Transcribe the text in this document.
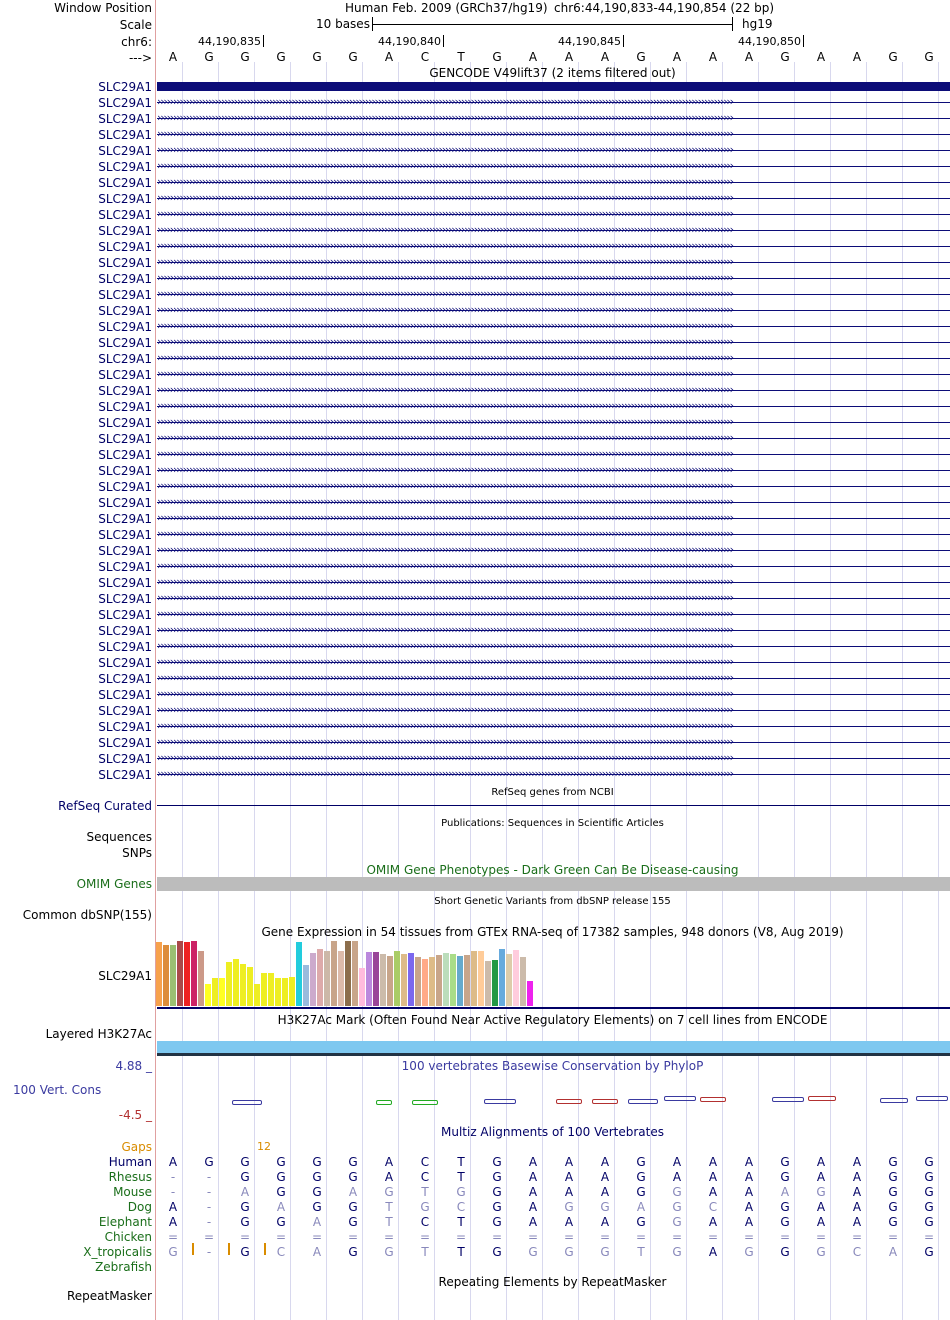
Window Position	Human Feb. 2009 (GRCh37/hg19) chr6:44,190,833-44,190,854 (22 bp)
Scale	10 bases	hg19
chr6:	44,190,835	44,190,840	44,190,845	44,190,850
---> A G G G G G A C T G A A A G A A A G A A G G
GENCODE V49lift37 (2 items filtered out)
SLC29A1
SLC29A1 ››››››››››››››››››››››››››››››››››››››››››››››››››››››››››››››››››››››››››››››››››››››››››››››››››››››››››››››››››››››››››››››››››››››››››››››››››››››››››››››››››››››››››››››››››››
SLC29A1 ››››››››››››››››››››››››››››››››››››››››››››››››››››››››››››››››››››››››››››››››››››››››››››››››››››››››››››››››››››››››››››››››››››››››››››››››››››››››››››››››››››››››››››››››››››
SLC29A1 ››››››››››››››››››››››››››››››››››››››››››››››››››››››››››››››››››››››››››››››››››››››››››››››››››››››››››››››››››››››››››››››››››››››››››››››››››››››››››››››››››››››››››››››››››››
SLC29A1 ››››››››››››››››››››››››››››››››››››››››››››››››››››››››››››››››››››››››››››››››››››››››››››››››››››››››››››››››››››››››››››››››››››››››››››››››››››››››››››››››››››››››››››››››››››
SLC29A1 ››››››››››››››››››››››››››››››››››››››››››››››››››››››››››››››››››››››››››››››››››››››››››››››››››››››››››››››››››››››››››››››››››››››››››››››››››››››››››››››››››››››››››››››››››››
SLC29A1 ››››››››››››››››››››››››››››››››››››››››››››››››››››››››››››››››››››››››››››››››››››››››››››››››››››››››››››››››››››››››››››››››››››››››››››››››››››››››››››››››››››››››››››››››››››
SLC29A1 ››››››››››››››››››››››››››››››››››››››››››››››››››››››››››››››››››››››››››››››››››››››››››››››››››››››››››››››››››››››››››››››››››››››››››››››››››››››››››››››››››››››››››››››››››››
SLC29A1 ››››››››››››››››››››››››››››››››››››››››››››››››››››››››››››››››››››››››››››››››››››››››››››››››››››››››››››››››››››››››››››››››››››››››››››››››››››››››››››››››››››››››››››››››››››
SLC29A1 ››››››››››››››››››››››››››››››››››››››››››››››››››››››››››››››››››››››››››››››››››››››››››››››››››››››››››››››››››››››››››››››››››››››››››››››››››››››››››››››››››››››››››››››››››››
SLC29A1 ››››››››››››››››››››››››››››››››››››››››››››››››››››››››››››››››››››››››››››››››››››››››››››››››››››››››››››››››››››››››››››››››››››››››››››››››››››››››››››››››››››››››››››››››››››
SLC29A1 ››››››››››››››››››››››››››››››››››››››››››››››››››››››››››››››››››››››››››››››››››››››››››››››››››››››››››››››››››››››››››››››››››››››››››››››››››››››››››››››››››››››››››››››››››››
SLC29A1 ››››››››››››››››››››››››››››››››››››››››››››››››››››››››››››››››››››››››››››››››››››››››››››››››››››››››››››››››››››››››››››››››››››››››››››››››››››››››››››››››››››››››››››››››››››
SLC29A1 ››››››››››››››››››››››››››››››››››››››››››››››››››››››››››››››››››››››››››››››››››››››››››››››››››››››››››››››››››››››››››››››››››››››››››››››››››››››››››››››››››››››››››››››››››››
SLC29A1 ››››››››››››››››››››››››››››››››››››››››››››››››››››››››››››››››››››››››››››››››››››››››››››››››››››››››››››››››››››››››››››››››››››››››››››››››››››››››››››››››››››››››››››››››››››
SLC29A1 ››››››››››››››››››››››››››››››››››››››››››››››››››››››››››››››››››››››››››››››››››››››››››››››››››››››››››››››››››››››››››››››››››››››››››››››››››››››››››››››››››››››››››››››››››››
SLC29A1 ››››››››››››››››››››››››››››››››››››››››››››››››››››››››››››››››››››››››››››››››››››››››››››››››››››››››››››››››››››››››››››››››››››››››››››››››››››››››››››››››››››››››››››››››››››
SLC29A1 ››››››››››››››››››››››››››››››››››››››››››››››››››››››››››››››››››››››››››››››››››››››››››››››››››››››››››››››››››››››››››››››››››››››››››››››››››››››››››››››››››››››››››››››››››››
SLC29A1 ››››››››››››››››››››››››››››››››››››››››››››››››››››››››››››››››››››››››››››››››››››››››››››››››››››››››››››››››››››››››››››››››››››››››››››››››››››››››››››››››››››››››››››››››››››
SLC29A1 ››››››››››››››››››››››››››››››››››››››››››››››››››››››››››››››››››››››››››››››››››››››››››››››››››››››››››››››››››››››››››››››››››››››››››››››››››››››››››››››››››››››››››››››››››››
SLC29A1 ››››››››››››››››››››››››››››››››››››››››››››››››››››››››››››››››››››››››››››››››››››››››››››››››››››››››››››››››››››››››››››››››››››››››››››››››››››››››››››››››››››››››››››››››››››
SLC29A1 ››››››››››››››››››››››››››››››››››››››››››››››››››››››››››››››››››››››››››››››››››››››››››››››››››››››››››››››››››››››››››››››››››››››››››››››››››››››››››››››››››››››››››››››››››››
SLC29A1 ››››››››››››››››››››››››››››››››››››››››››››››››››››››››››››››››››››››››››››››››››››››››››››››››››››››››››››››››››››››››››››››››››››››››››››››››››››››››››››››››››››››››››››››››››››
SLC29A1 ››››››››››››››››››››››››››››››››››››››››››››››››››››››››››››››››››››››››››››››››››››››››››››››››››››››››››››››››››››››››››››››››››››››››››››››››››››››››››››››››››››››››››››››››››››
SLC29A1 ››››››››››››››››››››››››››››››››››››››››››››››››››››››››››››››››››››››››››››››››››››››››››››››››››››››››››››››››››››››››››››››››››››››››››››››››››››››››››››››››››››››››››››››››››››
SLC29A1 ››››››››››››››››››››››››››››››››››››››››››››››››››››››››››››››››››››››››››››››››››››››››››››››››››››››››››››››››››››››››››››››››››››››››››››››››››››››››››››››››››››››››››››››››››››
SLC29A1 ››››››››››››››››››››››››››››››››››››››››››››››››››››››››››››››››››››››››››››››››››››››››››››››››››››››››››››››››››››››››››››››››››››››››››››››››››››››››››››››››››››››››››››››››››››
SLC29A1 ››››››››››››››››››››››››››››››››››››››››››››››››››››››››››››››››››››››››››››››››››››››››››››››››››››››››››››››››››››››››››››››››››››››››››››››››››››››››››››››››››››››››››››››››››››
SLC29A1 ››››››››››››››››››››››››››››››››››››››››››››››››››››››››››››››››››››››››››››››››››››››››››››››››››››››››››››››››››››››››››››››››››››››››››››››››››››››››››››››››››››››››››››››››››››
SLC29A1 ››››››››››››››››››››››››››››››››››››››››››››››››››››››››››››››››››››››››››››››››››››››››››››››››››››››››››››››››››››››››››››››››››››››››››››››››››››››››››››››››››››››››››››››››››››
SLC29A1 ››››››››››››››››››››››››››››››››››››››››››››››››››››››››››››››››››››››››››››››››››››››››››››››››››››››››››››››››››››››››››››››››››››››››››››››››››››››››››››››››››››››››››››››››››››
SLC29A1 ››››››››››››››››››››››››››››››››››››››››››››››››››››››››››››››››››››››››››››››››››››››››››››››››››››››››››››››››››››››››››››››››››››››››››››››››››››››››››››››››››››››››››››››››››››
SLC29A1 ››››››››››››››››››››››››››››››››››››››››››››››››››››››››››››››››››››››››››››››››››››››››››››››››››››››››››››››››››››››››››››››››››››››››››››››››››››››››››››››››››››››››››››››››››››
SLC29A1 ››››››››››››››››››››››››››››››››››››››››››››››››››››››››››››››››››››››››››››››››››››››››››››››››››››››››››››››››››››››››››››››››››››››››››››››››››››››››››››››››››››››››››››››››››››
SLC29A1 ››››››››››››››››››››››››››››››››››››››››››››››››››››››››››››››››››››››››››››››››››››››››››››››››››››››››››››››››››››››››››››››››››››››››››››››››››››››››››››››››››››››››››››››››››››
SLC29A1 ››››››››››››››››››››››››››››››››››››››››››››››››››››››››››››››››››››››››››››››››››››››››››››››››››››››››››››››››››››››››››››››››››››››››››››››››››››››››››››››››››››››››››››››››››››
SLC29A1 ››››››››››››››››››››››››››››››››››››››››››››››››››››››››››››››››››››››››››››››››››››››››››››››››››››››››››››››››››››››››››››››››››››››››››››››››››››››››››››››››››››››››››››››››››››
SLC29A1 ››››››››››››››››››››››››››››››››››››››››››››››››››››››››››››››››››››››››››››››››››››››››››››››››››››››››››››››››››››››››››››››››››››››››››››››››››››››››››››››››››››››››››››››››››››
SLC29A1 ››››››››››››››››››››››››››››››››››››››››››››››››››››››››››››››››››››››››››››››››››››››››››››››››››››››››››››››››››››››››››››››››››››››››››››››››››››››››››››››››››››››››››››››››››››
SLC29A1 ››››››››››››››››››››››››››››››››››››››››››››››››››››››››››››››››››››››››››››››››››››››››››››››››››››››››››››››››››››››››››››››››››››››››››››››››››››››››››››››››››››››››››››››››››››
SLC29A1 ››››››››››››››››››››››››››››››››››››››››››››››››››››››››››››››››››››››››››››››››››››››››››››››››››››››››››››››››››››››››››››››››››››››››››››››››››››››››››››››››››››››››››››››››››››
SLC29A1 ››››››››››››››››››››››››››››››››››››››››››››››››››››››››››››››››››››››››››››››››››››››››››››››››››››››››››››››››››››››››››››››››››››››››››››››››››››››››››››››››››››››››››››››››››››
SLC29A1 ››››››››››››››››››››››››››››››››››››››››››››››››››››››››››››››››››››››››››››››››››››››››››››››››››››››››››››››››››››››››››››››››››››››››››››››››››››››››››››››››››››››››››››››››››››
SLC29A1 ››››››››››››››››››››››››››››››››››››››››››››››››››››››››››››››››››››››››››››››››››››››››››››››››››››››››››››››››››››››››››››››››››››››››››››››››››››››››››››››››››››››››››››››››››››
RefSeq genes from NCBI
RefSeq Curated
Publications: Sequences in Scientific Articles
Sequences
SNPs
OMIM Gene Phenotypes - Dark Green Can Be Disease-causing
OMIM Genes
Short Genetic Variants from dbSNP release 155
Common dbSNP(155)
Gene Expression in 54 tissues from GTEx RNA-seq of 17382 samples, 948 donors (V8, Aug 2019)
SLC29A1
H3K27Ac Mark (Often Found Near Active Regulatory Elements) on 7 cell lines from ENCODE
Layered H3K27Ac
100 vertebrates Basewise Conservation by PhyloP
4.88 _
100 Vert. Cons
-4.5 _
Multiz Alignments of 100 Vertebrates
Gaps	12
Human A G G G G G A C T G A A A G A A A G A A G G
Rhesus -	- G G G G A C T G A A A G A A A G A A G G
Mouse -	- A G G A G T G G A A A G G A A A G A G G
Dog A - G A G G T G C G A G G A G C A G A A G G
Elephant A - G G A G T C T G A A A G G A A G A A G G
Chicken = = = = = = = = = = = = = = = = = = = = = =
X_tropicalis G - G C A G G T T G G G G T G A G G G C A G
Zebrafish
Repeating Elements by RepeatMasker
RepeatMasker
